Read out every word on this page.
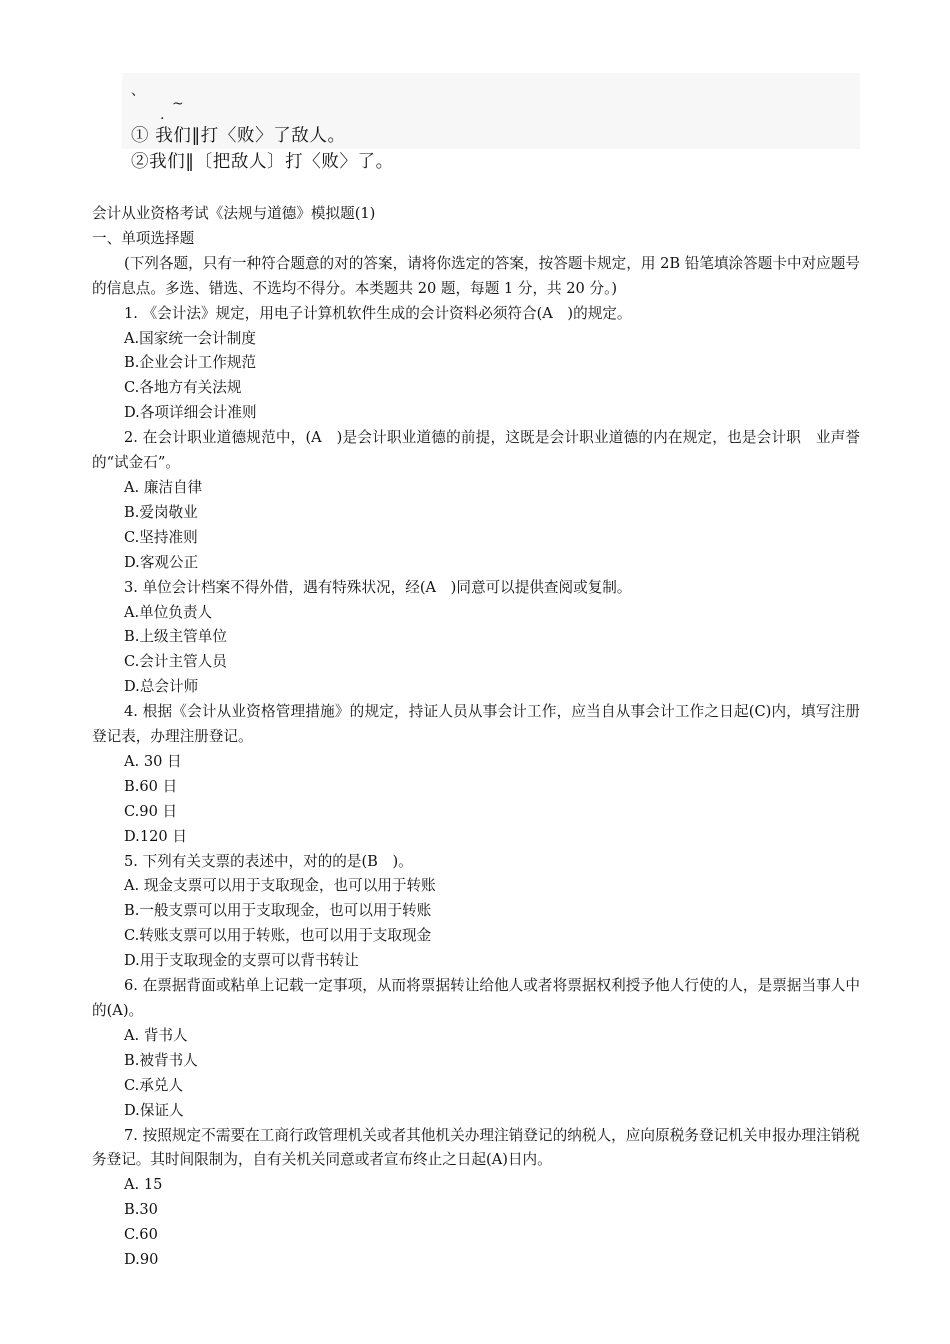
、
.
~
① 我们‖打〈败〉了敌人。
②我们‖〔把敌人〕打〈败〉了。

会计从业资格考试《法规与道德》模拟题(1)

一、单项选择题

(下列各题，只有一种符合题意的对的答案，请将你选定的答案，按答题卡规定，用 2B 铅笔填涂答题卡中对应题号的信息点。多选、错选、不选均不得分。本类题共 20 题，每题 1 分，共 20 分。)

1. 《会计法》规定，用电子计算机软件生成的会计资料必须符合(A　)的规定。

A.国家统一会计制度

B.企业会计工作规范

C.各地方有关法规

D.各项详细会计准则

2. 在会计职业道德规范中，(A　)是会计职业道德的前提，这既是会计职业道德的内在规定，也是会计职　业声誉的“试金石”。

A. 廉洁自律

B.爱岗敬业

C.坚持准则

D.客观公正

3. 单位会计档案不得外借，遇有特殊状况，经(A　)同意可以提供查阅或复制。

A.单位负责人

B.上级主管单位

C.会计主管人员

D.总会计师

4. 根据《会计从业资格管理措施》的规定，持证人员从事会计工作，应当自从事会计工作之日起(C)内，填写注册登记表，办理注册登记。

A. 30 日

B.60 日

C.90 日

D.120 日

5. 下列有关支票的表述中，对的的是(B　)。

A. 现金支票可以用于支取现金，也可以用于转账

B.一般支票可以用于支取现金，也可以用于转账

C.转账支票可以用于转账，也可以用于支取现金

D.用于支取现金的支票可以背书转让

6. 在票据背面或粘单上记载一定事项，从而将票据转让给他人或者将票据权利授予他人行使的人，是票据当事人中的(A)。

A. 背书人

B.被背书人

C.承兑人

D.保证人

7. 按照规定不需要在工商行政管理机关或者其他机关办理注销登记的纳税人，应向原税务登记机关申报办理注销税务登记。其时间限制为，自有关机关同意或者宣布终止之日起(A)日内。

A. 15

B.30

C.60

D.90
